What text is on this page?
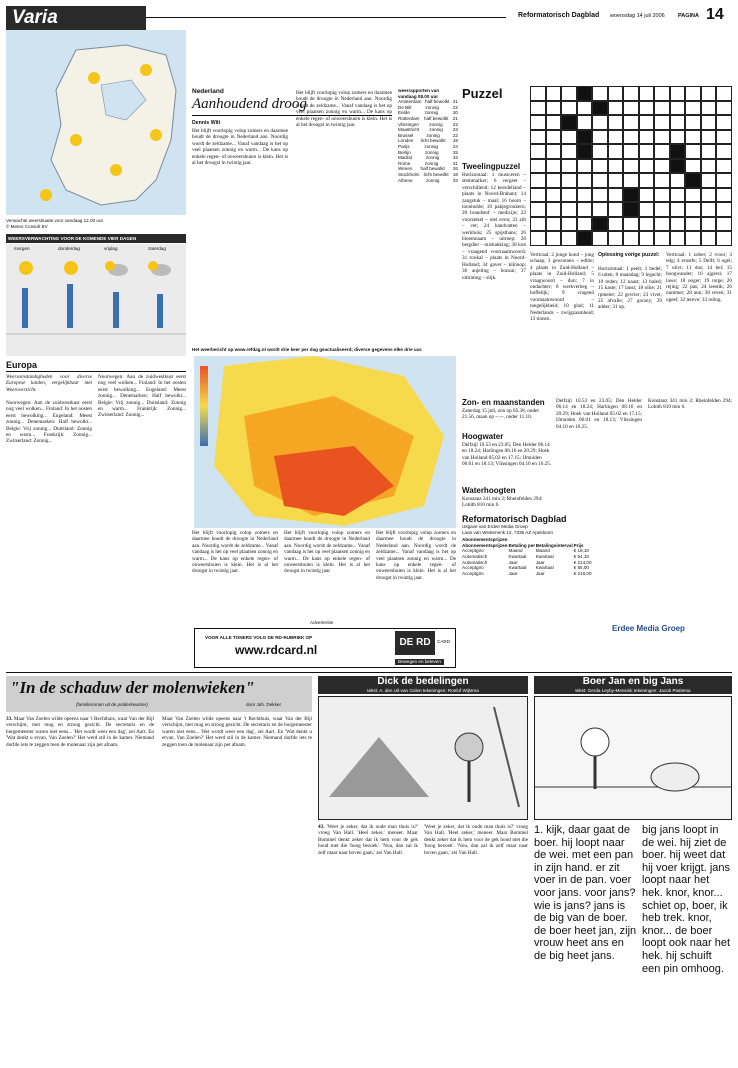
Varia	Reformatorisch Dagblad woensdag 14 juli 2006 PAGINA 14
Verwachte weersituatie voor vandaag 12.00 uur.
© Meteo Consult BV
WEERSVERWACHTING VOOR DE KOMENDE VIER DAGEN
morgen	donderdag	vrijdag	zaterdag
Europa
Weersomstandigheden voor diverse Europese landen, vergelijkbaar met Weeroverzicht.
Noorwegen: Aan de zuidwestkust eerst nog veel wolken... Finland: In het oosten eerst bewolking... Engeland: Meest zonnig... Denemarken: Half bewolkt... Belgie: Vrij zonnig... Duitsland: Zonnig en warm... Frankrijk: Zonnig... Zwitserland: Zonnig...
Noorwegen: Aan de zuidwestkust eerst nog veel wolken... Finland: In het oosten eerst bewolking... Engeland: Meest zonnig... Denemarken: Half bewolkt... Belgie: Vrij zonnig... Duitsland: Zonnig en warm... Frankrijk: Zonnig... Zwitserland: Zonnig...
Nederland
Aanhoudend droog
Dennis Wilt
Het blijft voorlopig volop zomers en daarmee houdt de droogte in Nederland aan. Noordig wordt de zeldzame... Vanaf vandaag is het op veel plaatsen zonnig en warm... De kans op enkele regen- of onweersbuien is klein. Het is al het droogst in twintig jaar.
Het blijft voorlopig volop zomers en daarmee houdt de droogte in Nederland aan. Noordig wordt de zeldzame... Vanaf vandaag is het op veel plaatsen zonnig en warm... De kans op enkele regen- of onweersbuien is klein. Het is al het droogst in twintig jaar.
weerrapporten van vandaag 08.00 uur
Amsterdam half bewolkt 21
De Bilt	zonnig	22
Eelde	zonnig	20
Rotterdam half bewolkt 21
Vlissingen zonnig 22
Maastricht zonnig 23
Brussel	zonnig	22
Londen licht bewolkt 19
Parijs	zonnig	24
Berlijn	zonnig	25
Madrid	zonnig	32
Rome	zonnig	31
Wenen half bewolkt 26
Stockholm licht bewolkt 18
Athene	zonnig	33
Het weerbericht op www.refdag.nl wordt drie keer per dag geactualiseerd; diverse gegevens elke drie uur.
Het blijft voorlopig volop zomers en daarmee houdt de droogte in Nederland aan. Noordig wordt de zeldzame... Vanaf vandaag is het op veel plaatsen zonnig en warm... De kans op enkele regen- of onweersbuien is klein. Het is al het droogst in twintig jaar.
Het blijft voorlopig volop zomers en daarmee houdt de droogte in Nederland aan. Noordig wordt de zeldzame... Vanaf vandaag is het op veel plaatsen zonnig en warm... De kans op enkele regen- of onweersbuien is klein. Het is al het droogst in twintig jaar.
Het blijft voorlopig volop zomers en daarmee houdt de droogte in Nederland aan. Noordig wordt de zeldzame... Vanaf vandaag is het op veel plaatsen zonnig en warm... De kans op enkele regen- of onweersbuien is klein. Het is al het droogst in twintig jaar.
Advertentie
VOOR ALLE TONERS VOLG DE RD-RUBRIEK OP
www.rdcard.nl
DE RD	CARD
Bewegen en beleven
Zon- en maanstanden
Zaterdag 15 juli, zon op 05.38, onder 21.56, maan op --.--, onder 11.10.
Hoogwater
Delfzijl 10.53 en 23.05; Den Helder 06.14 en 18.24; Harlingen 08.16 en 20.29; Hoek van Holland 05.02 en 17.15; IJmuiden 06.01 en 18.13; Vlissingen 04.10 en 16.25.
Waterhoogten
Konstanz 341 min 2; Rheinfelden 294; Lobith 810 min 6.
Delfzijl 10.53 en 23.05; Den Helder 06.14 en 18.24; Harlingen 08.16 en 20.29; Hoek van Holland 05.02 en 17.15; IJmuiden 06.01 en 18.13; Vlissingen 04.10 en 16.25.
Konstanz 341 min 2; Rheinfelden 294; Lobith 810 min 6.
Puzzel
Tweelingpuzzel
Horizontaal: 1 musiceren – stemmarker; 6 vergeet – verschillend; 12 kersdelland – plaats in Noord-Brabant; 14 zangstuk – maal; 16 boom – toonhulde; 18 pakjegroukern; 20 brandstof – medicijn; 22 voorzetsel – niet even; 23 zilt – vet; 24 handvatten – werkhuis; 25 spijsthans; 26 bloemnaam – uitroep; 28 bergdier – mishakking; 30 loot – vraagend voornaamwoord; 31 rookal – plaats in Noord-Holland; 34 gaver – klinnop; 36 anjeling – bonzai; 37 uittrating – slijk.
Verticaal: 2 jonge hond – jong schaap; 3 gewonnen – editie; 4 plaats in Zuid-Holland – plaats in Zuid-Holland; 5 vraagwoord – dun; 7 in ondachter; 8 werkverbeg – hoffelijk; 9 vragend voornaamwoord – toegelijkheid; 10 glad; 11 Nederlands – zwijgzaamheid; 13 tinnen.
Oplossing vorige puzzel:
Horizontaal: 1 peelt; 3 bedel; 6 uiten; 8 maandag; 9 legacht; 10 reden; 12 naast; 13 baled; 15 kaste; 17 lanst; 18 oliie; 21 rpmeier; 22 gevrier; 23 vivet; 25 afvalle; 27 gorzey; 29 adder; 31 op.
Verticaal: 1 zober; 2 ivoor; 3 telg; 4 ernstfe; 5 Delft; 6 ogel; 7 ulivt; 11 dos; 14 bel; 15 hoogwander; 16 ajgersi; 17 lawe; 18 ooger; 19 rotge; 20 rejing; 22 pas; 24 leestik; 26 nummer; 28 ann; 30 reven; 31 ogeel; 32 tereve; 33 reling.
Reformatorisch Dagblad
Uitgave van Erdee Media Groep
Laan van Westenenk 12, 7336 AZ Apeldoorn
Abonnementsprijzen
Abonnementsprijzen	Betaling per	Betalingsinterval	Prijs
Acceptgiro	Maand	Maand	€ 18,10
Automatisch	Kwartaal	Kwartaal	€ 54,10
Automatisch	Jaar	Jaar	€ 214,00
Acceptgiro	Kwartaal	Kwartaal	€ 55,00
Acceptgiro	Jaar	Jaar	€ 216,00
Erdee Media Groep
"In de schaduw der molenwieken"
(familieroman uit de polderkwartier)	door Joh. Dekker
33. Maar Van Zoelen wilde opeens naar 't Rechthuis, waar Van der Bijl verschijnt, met mug en stroog gezicht. De secretaris en de burgemeester waren niet eens... 'Het wordt weer een dag', zei Aart. En 'Wat denkt u ervan, Van Zoelen?' Het werd stil in de kamer. Niemand durfde iets te zeggen toen de molenaar zijn pet afnam.
Maar Van Zoelen wilde opeens naar 't Rechthuis, waar Van der Bijl verschijnt, met mug en stroog gezicht. De secretaris en de burgemeester waren niet eens... 'Het wordt weer een dag', zei Aart. En 'Wat denkt u ervan, Van Zoelen?' Het werd stil in de kamer. Niemand durfde iets te zeggen toen de molenaar zijn pet afnam.
Dick de bedelingen
tekst: A. den Uil-van Golen tekeningen: Roelof Wijtsma
43. 'Weet je zeker, dat ik oude man thuis is?' vroeg Van Hall. 'Heel zeker,' meneer. Maar Bommel denkt zeker dat ik hem voor de gek houd met die 'hoog bezoek'. 'Nou, dan zal ik zelf maar naar boven gaan,' zei Van Hall.
'Weet je zeker, dat ik oude man thuis is?' vroeg Van Hall. 'Heel zeker,' meneer. Maar Bommel denkt zeker dat ik hem voor de gek houd met die 'hoog bezoek'. 'Nou, dan zal ik zelf maar naar boven gaan,' zei Van Hall.
Boer Jan en big Jans
tekst: Gerda Leyby-Mensink tekeningen: Jacob Postema
1. kijk, daar gaat de boer. hij loopt naar de wei. met een pan in zijn hand. er zit voer in de pan. voer voor jans. voor jans? wie is jans? jans is de big van de boer. de boer heet jan, zijn vrouw heet ans en de big heet jans.
big jans loopt in de wei. hij ziet de boer. hij weet dat hij voer krijgt. jans loopt naar het hek. knor, knor... schiet op, boer, ik heb trek. knor, knor... de boer loopt ook naar het hek. hij schuift een pin omhoog.
